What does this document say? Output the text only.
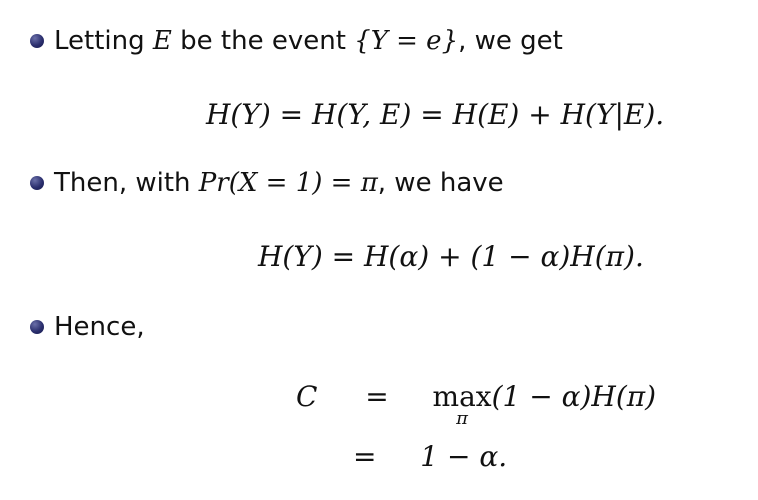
Letting E be the event {Y = e}, we get
H(Y) = H(Y, E) = H(E) + H(Y|E).
Then, with Pr(X = 1) = π, we have
H(Y) = H(α) + (1 − α)H(π).
Hence,
C = max
π
(1 − α)H(π)
= 1 − α.
